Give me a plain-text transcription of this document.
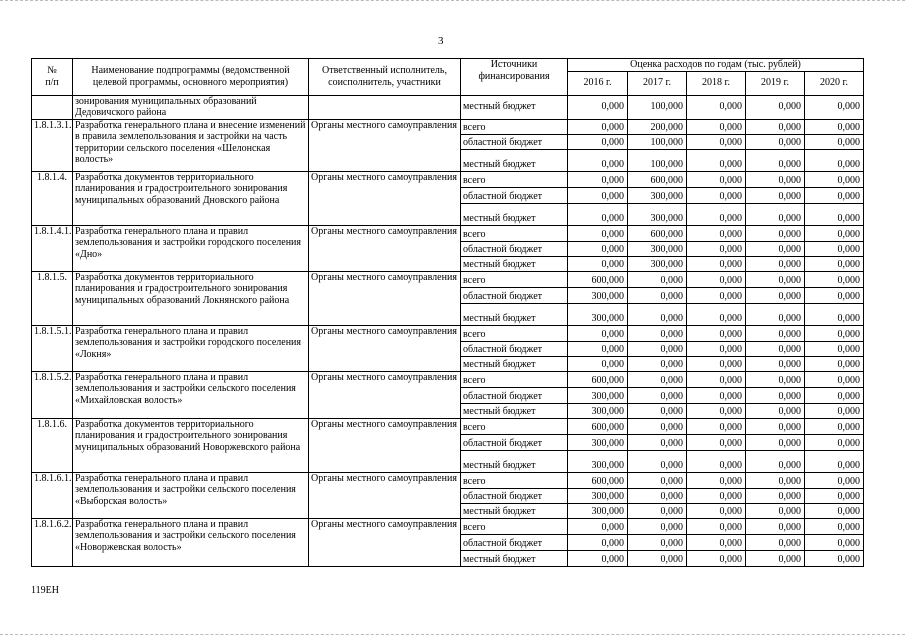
3
№
п/п	Наименование подпрограммы (ведомственной целевой программы, основного мероприятия)	Ответственный исполнитель, соисполнитель, участники	Источники финансирования	Оценка расходов по годам (тыс. рублей)				
				2016 г.	2017 г.	2018 г.	2019 г.	2020 г.
	зонирования муниципальных образований Дедовичского района		местный бюджет	0,000	100,000	0,000	0,000	0,000
1.8.1.3.1.	Разработка генерального плана и внесение изменений в правила землепользования и застройки на часть территории сельского поселения «Шелонская волость»	Органы местного самоуправления	всего	0,000	200,000	0,000	0,000	0,000
			областной бюджет	0,000	100,000	0,000	0,000	0,000
			местный бюджет	0,000	100,000	0,000	0,000	0,000
1.8.1.4.	Разработка документов территориального планирования и градостроительного зонирования муниципальных образований Дновского района	Органы местного самоуправления	всего	0,000	600,000	0,000	0,000	0,000
			областной бюджет	0,000	300,000	0,000	0,000	0,000
			местный бюджет	0,000	300,000	0,000	0,000	0,000
1.8.1.4.1.	Разработка генерального плана и правил землепользования и застройки городского поселения «Дно»	Органы местного самоуправления	всего	0,000	600,000	0,000	0,000	0,000
			областной бюджет	0,000	300,000	0,000	0,000	0,000
			местный бюджет	0,000	300,000	0,000	0,000	0,000
1.8.1.5.	Разработка документов территориального планирования и градостроительного зонирования муниципальных образований Локнянского района	Органы местного самоуправления	всего	600,000	0,000	0,000	0,000	0,000
			областной бюджет	300,000	0,000	0,000	0,000	0,000
			местный бюджет	300,000	0,000	0,000	0,000	0,000
1.8.1.5.1.	Разработка генерального плана и правил землепользования и застройки городского поселения «Локня»	Органы местного самоуправления	всего	0,000	0,000	0,000	0,000	0,000
			областной бюджет	0,000	0,000	0,000	0,000	0,000
			местный бюджет	0,000	0,000	0,000	0,000	0,000
1.8.1.5.2.	Разработка генерального плана и правил землепользования и застройки сельского поселения «Михайловская волость»	Органы местного самоуправления	всего	600,000	0,000	0,000	0,000	0,000
			областной бюджет	300,000	0,000	0,000	0,000	0,000
			местный бюджет	300,000	0,000	0,000	0,000	0,000
1.8.1.6.	Разработка документов территориального планирования и градостроительного зонирования муниципальных образований Новоржевского района	Органы местного самоуправления	всего	600,000	0,000	0,000	0,000	0,000
			областной бюджет	300,000	0,000	0,000	0,000	0,000
			местный бюджет	300,000	0,000	0,000	0,000	0,000
1.8.1.6.1.	Разработка генерального плана и правил землепользования и застройки сельского поселения «Выборская волость»	Органы местного самоуправления	всего	600,000	0,000	0,000	0,000	0,000
			областной бюджет	300,000	0,000	0,000	0,000	0,000
			местный бюджет	300,000	0,000	0,000	0,000	0,000
1.8.1.6.2.	Разработка генерального плана и правил землепользования и застройки сельского поселения «Новоржевская волость»	Органы местного самоуправления	всего	0,000	0,000	0,000	0,000	0,000
			областной бюджет	0,000	0,000	0,000	0,000	0,000
			местный бюджет	0,000	0,000	0,000	0,000	0,000
119ЕН
